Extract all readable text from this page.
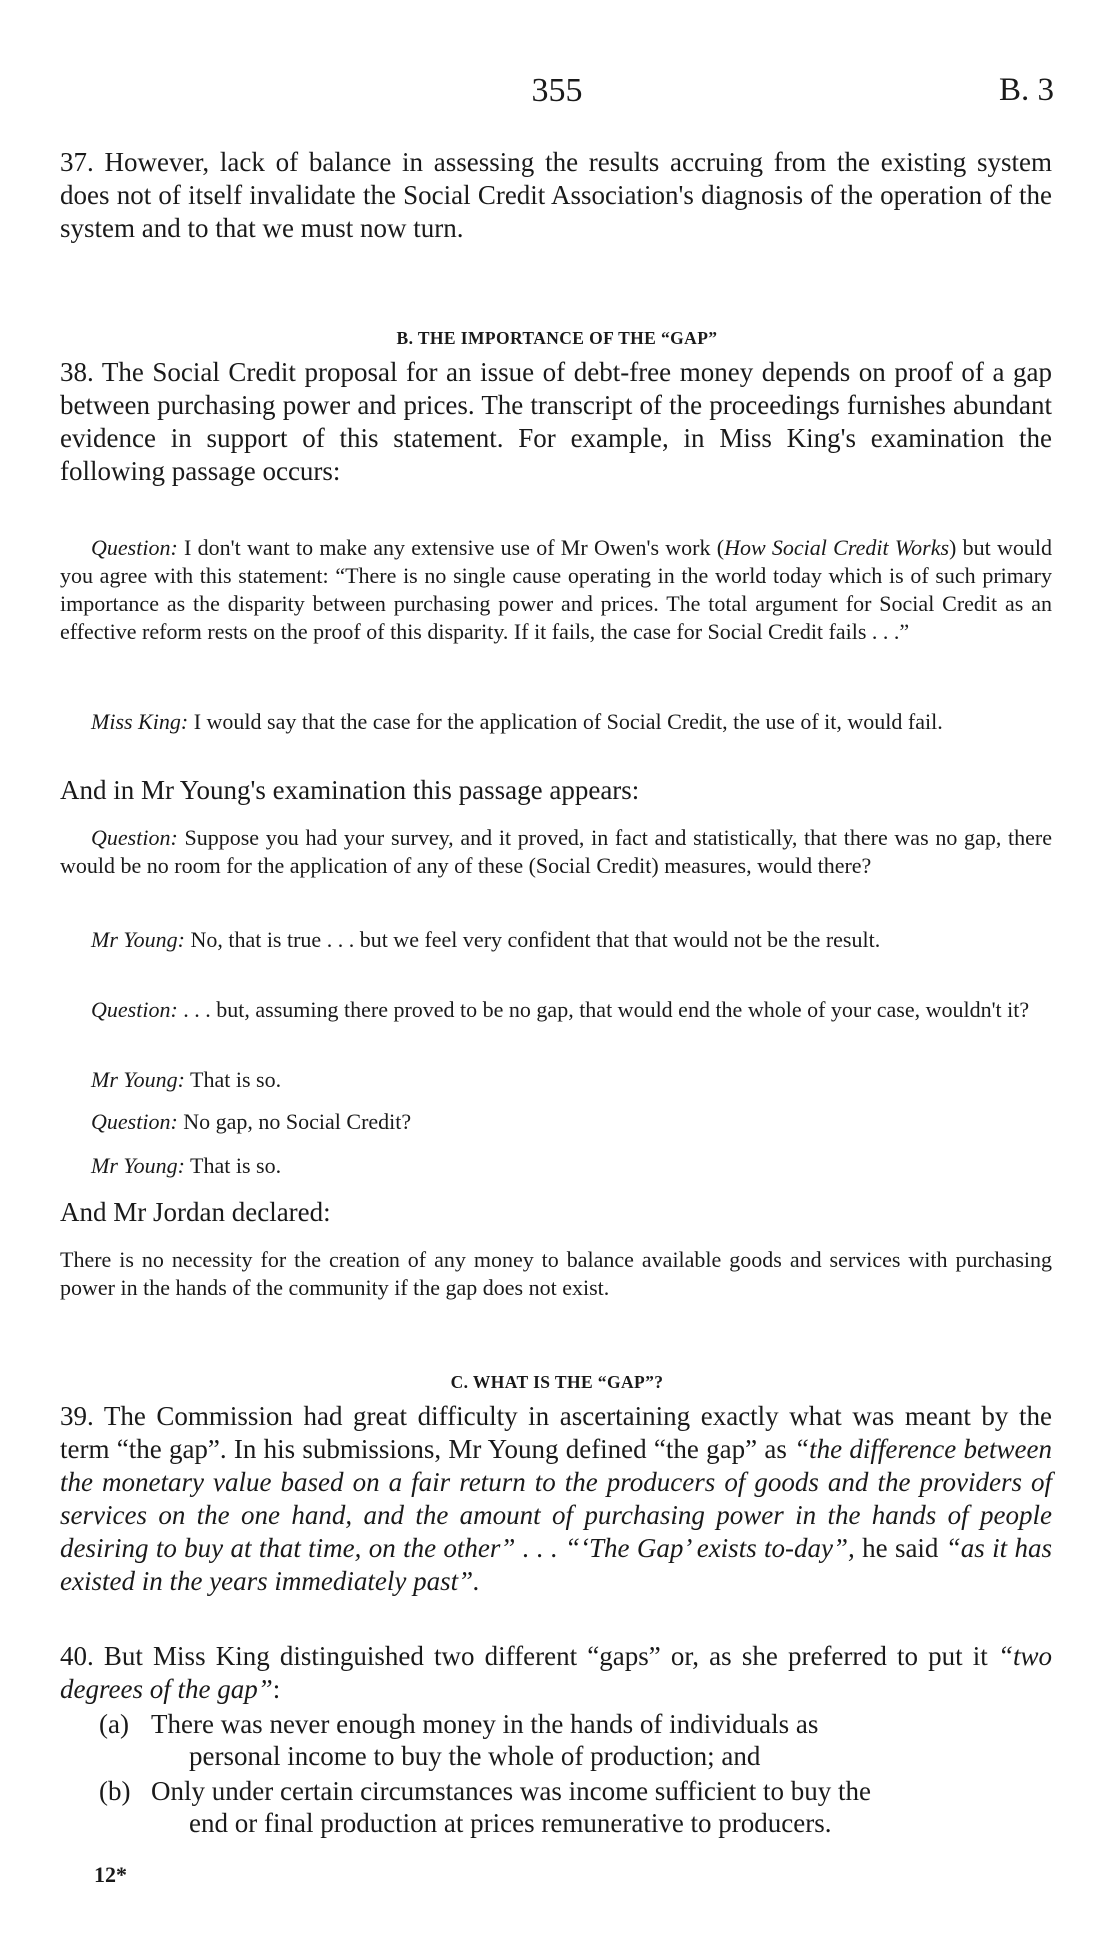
355	B. 3

37. However, lack of balance in assessing the results accruing from the existing system does not of itself invalidate the Social Credit Association's diagnosis of the operation of the system and to that we must now turn.

B. THE IMPORTANCE OF THE “GAP”

38. The Social Credit proposal for an issue of debt-free money depends on proof of a gap between purchasing power and prices. The transcript of the proceedings furnishes abundant evidence in support of this statement. For example, in Miss King's examination the following passage occurs:

Question: I don't want to make any extensive use of Mr Owen's work (How Social Credit Works) but would you agree with this statement: “There is no single cause operating in the world today which is of such primary importance as the disparity between purchasing power and prices. The total argument for Social Credit as an effective reform rests on the proof of this disparity. If it fails, the case for Social Credit fails . . .”

Miss King: I would say that the case for the application of Social Credit, the use of it, would fail.

And in Mr Young's examination this passage appears:

Question: Suppose you had your survey, and it proved, in fact and statistically, that there was no gap, there would be no room for the application of any of these (Social Credit) measures, would there?

Mr Young: No, that is true . . . but we feel very confident that that would not be the result.

Question: . . . but, assuming there proved to be no gap, that would end the whole of your case, wouldn't it?

Mr Young: That is so.

Question: No gap, no Social Credit?

Mr Young: That is so.

And Mr Jordan declared:

There is no necessity for the creation of any money to balance available goods and services with purchasing power in the hands of the community if the gap does not exist.

C. WHAT IS THE “GAP”?

39. The Commission had great difficulty in ascertaining exactly what was meant by the term “the gap”. In his submissions, Mr Young defined “the gap” as “the difference between the monetary value based on a fair return to the producers of goods and the providers of services on the one hand, and the amount of purchasing power in the hands of people desiring to buy at that time, on the other” . . . “‘The Gap’ exists to-day”, he said “as it has existed in the years immediately past”.

40. But Miss King distinguished two different “gaps” or, as she preferred to put it “two degrees of the gap”:

(a) There was never enough money in the hands of individuals as
personal income to buy the whole of production; and
(b) Only under certain circumstances was income sufficient to buy the
end or final production at prices remunerative to producers.
12*
